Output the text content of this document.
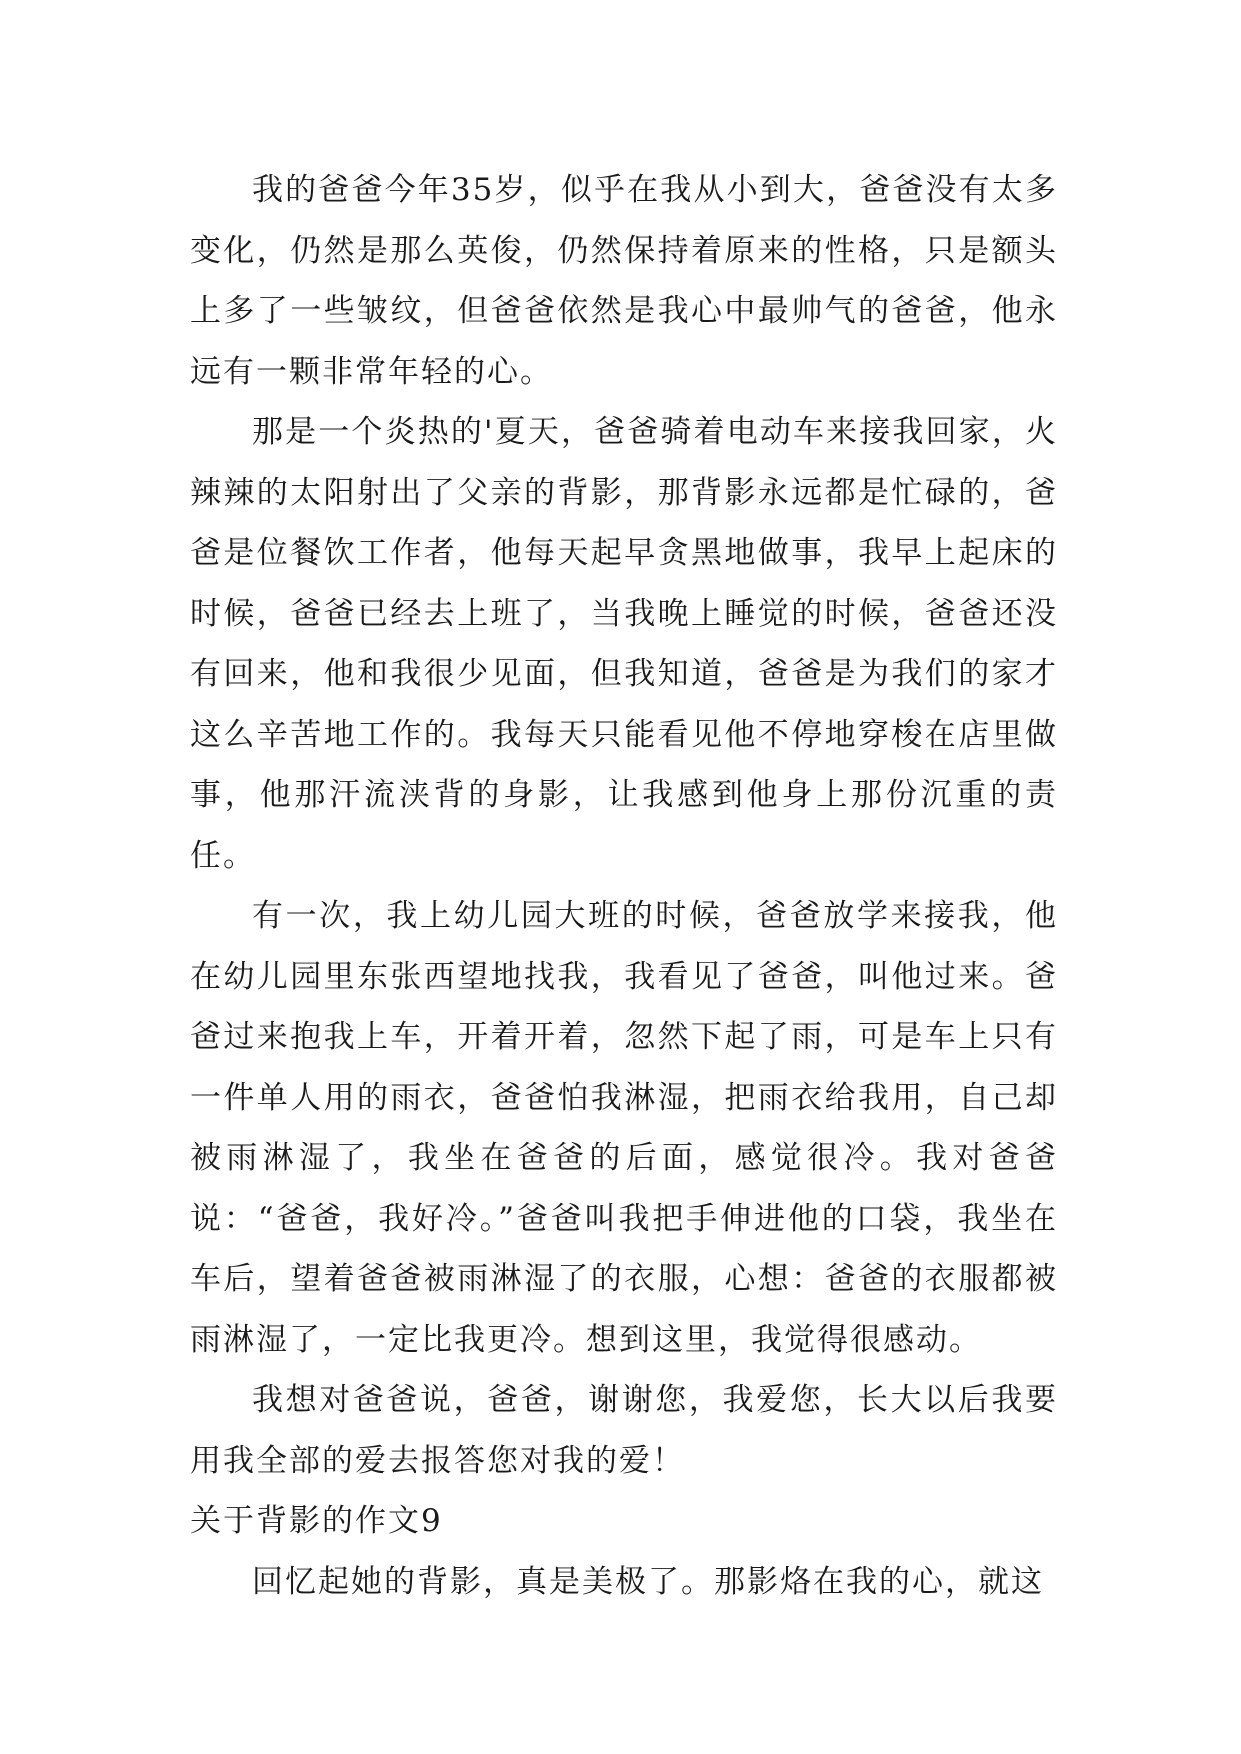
我的爸爸今年35岁，似乎在我从小到大，爸爸没有太多变化，仍然是那么英俊，仍然保持着原来的性格，只是额头上多了一些皱纹，但爸爸依然是我心中最帅气的爸爸，他永远有一颗非常年轻的心。

那是一个炎热的'夏天，爸爸骑着电动车来接我回家，火辣辣的太阳射出了父亲的背影，那背影永远都是忙碌的，爸爸是位餐饮工作者，他每天起早贪黑地做事，我早上起床的时候，爸爸已经去上班了，当我晚上睡觉的时候，爸爸还没有回来，他和我很少见面，但我知道，爸爸是为我们的家才这么辛苦地工作的。我每天只能看见他不停地穿梭在店里做事，他那汗流浃背的身影，让我感到他身上那份沉重的责任。

有一次，我上幼儿园大班的时候，爸爸放学来接我，他在幼儿园里东张西望地找我，我看见了爸爸，叫他过来。爸爸过来抱我上车，开着开着，忽然下起了雨，可是车上只有一件单人用的雨衣，爸爸怕我淋湿，把雨衣给我用，自己却被雨淋湿了，我坐在爸爸的后面，感觉很冷。我对爸爸说：“爸爸，我好冷。”爸爸叫我把手伸进他的口袋，我坐在车后，望着爸爸被雨淋湿了的衣服，心想：爸爸的衣服都被雨淋湿了，一定比我更冷。想到这里，我觉得很感动。

我想对爸爸说，爸爸，谢谢您，我爱您，长大以后我要用我全部的爱去报答您对我的爱！

关于背影的作文9

回忆起她的背影，真是美极了。那影烙在我的心，就这
